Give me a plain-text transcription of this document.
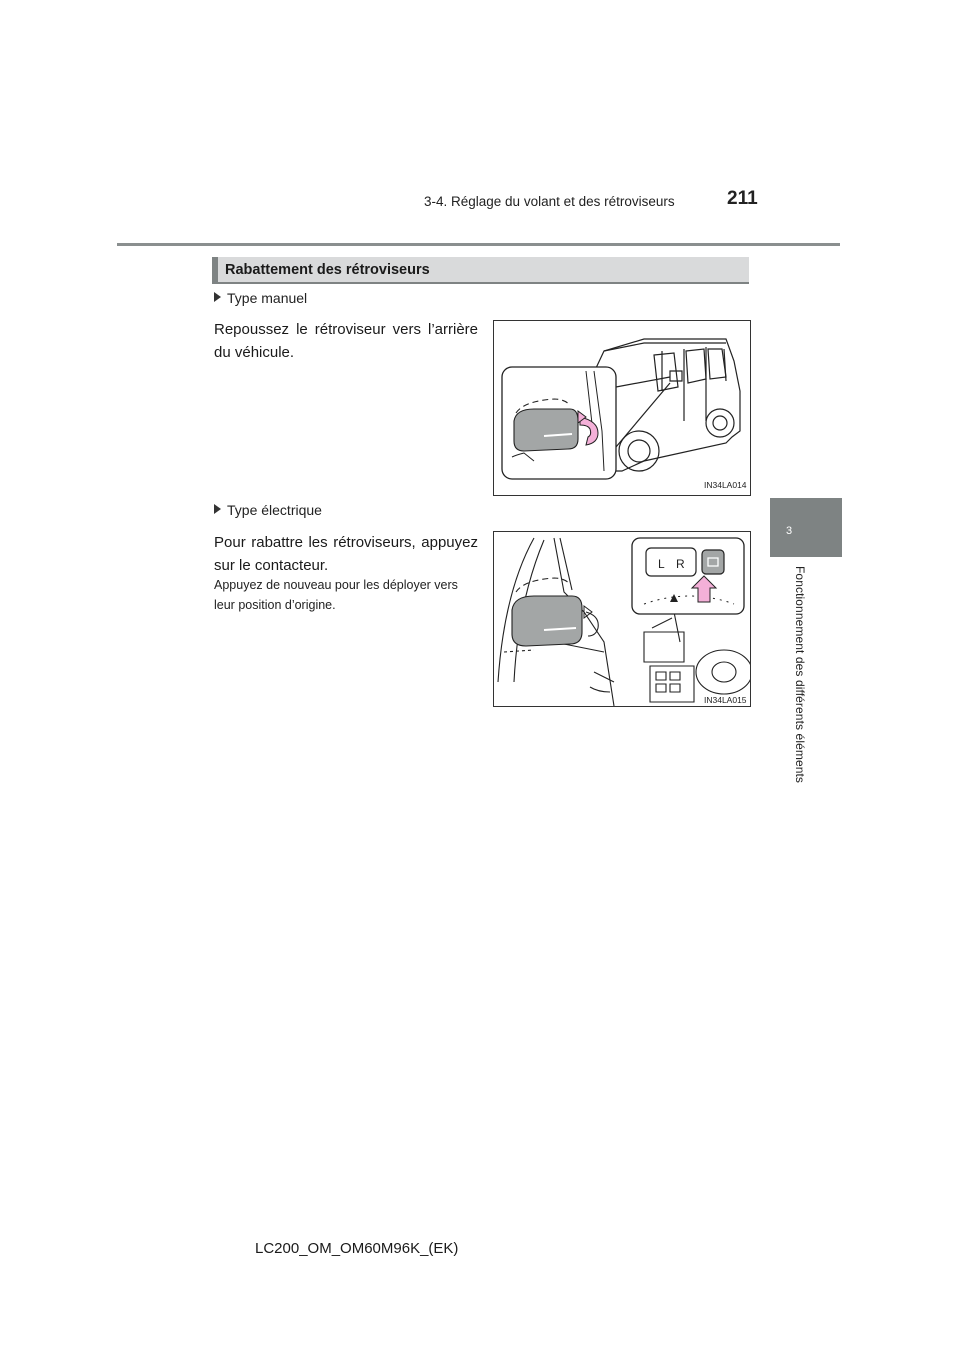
3-4. Réglage du volant et des rétroviseurs	211
3
Fonctionnement des différents éléments
Rabattement des rétroviseurs
Type manuel
Repoussez le rétroviseur vers l’arrière du véhicule.
IN34LA014
Type électrique
Pour rabattre les rétroviseurs, appuyez sur le contacteur.
Appuyez de nouveau pour les déployer vers leur position d’origine.
L R
IN34LA015
LC200_OM_OM60M96K_(EK)
